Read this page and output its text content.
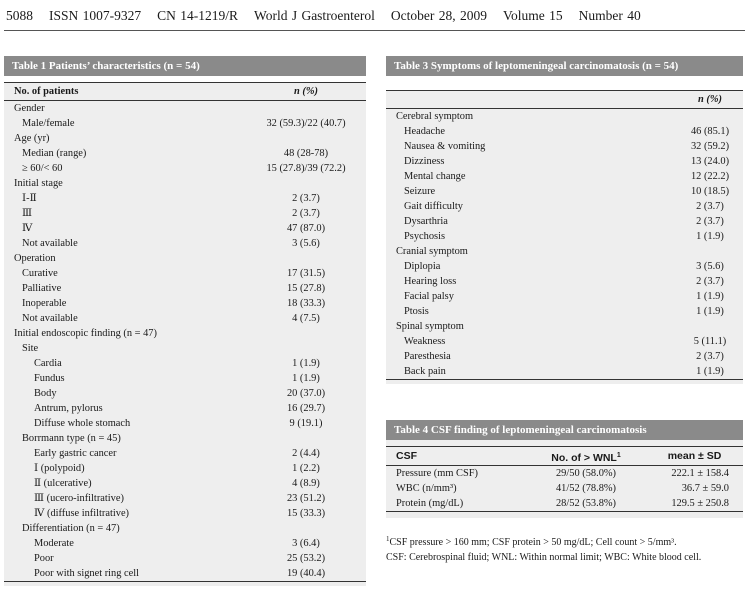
5088 ISSN 1007-9327 CN 14-1219/R World J Gastroenterol October 28, 2009 Volume 15 Number 40
Table 1 Patients’ characteristics (n = 54)
No. of patients	n (%)
Gender
Male/female	32 (59.3)/22 (40.7)
Age (yr)
Median (range)	48 (28-78)
≥ 60/< 60	15 (27.8)/39 (72.2)
Initial stage
Ⅰ-Ⅱ	2 (3.7)
Ⅲ	2 (3.7)
Ⅳ	47 (87.0)
Not available	3 (5.6)
Operation
Curative	17 (31.5)
Palliative	15 (27.8)
Inoperable	18 (33.3)
Not available	4 (7.5)
Initial endoscopic finding (n = 47)
Site
Cardia	1 (1.9)
Fundus	1 (1.9)
Body	20 (37.0)
Antrum, pylorus	16 (29.7)
Diffuse whole stomach	9 (19.1)
Borrmann type (n = 45)
Early gastric cancer	2 (4.4)
Ⅰ (polypoid)	1 (2.2)
Ⅱ (ulcerative)	4 (8.9)
Ⅲ (ucero-infiltrative)	23 (51.2)
Ⅳ (diffuse infiltrative)	15 (33.3)
Differentiation (n = 47)
Moderate	3 (6.4)
Poor	25 (53.2)
Poor with signet ring cell	19 (40.4)
Table 3 Symptoms of leptomeningeal carcinomatosis (n = 54)
n (%)
Cerebral symptom
Headache	46 (85.1)
Nausea & vomiting	32 (59.2)
Dizziness	13 (24.0)
Mental change	12 (22.2)
Seizure	10 (18.5)
Gait difficulty	2 (3.7)
Dysarthria	2 (3.7)
Psychosis	1 (1.9)
Cranial symptom
Diplopia	3 (5.6)
Hearing loss	2 (3.7)
Facial palsy	1 (1.9)
Ptosis	1 (1.9)
Spinal symptom
Weakness	5 (11.1)
Paresthesia	2 (3.7)
Back pain	1 (1.9)
Table 4 CSF finding of leptomeningeal carcinomatosis
CSF	No. of > $WNL^1$	mean ± SD
Pressure (mm CSF)	29/50 (58.0%)	222.1 ± 158.4
WBC (n/mm³)	41/52 (78.8%)	36.7 ± 59.0
Protein (mg/dL)	28/52 (53.8%)	129.5 ± 250.8
$^1$CSF pressure > 160 mm; CSF protein > 50 mg/dL; Cell count > 5/mm³.
CSF: Cerebrospinal fluid; WNL: Within normal limit; WBC: White blood cell.
